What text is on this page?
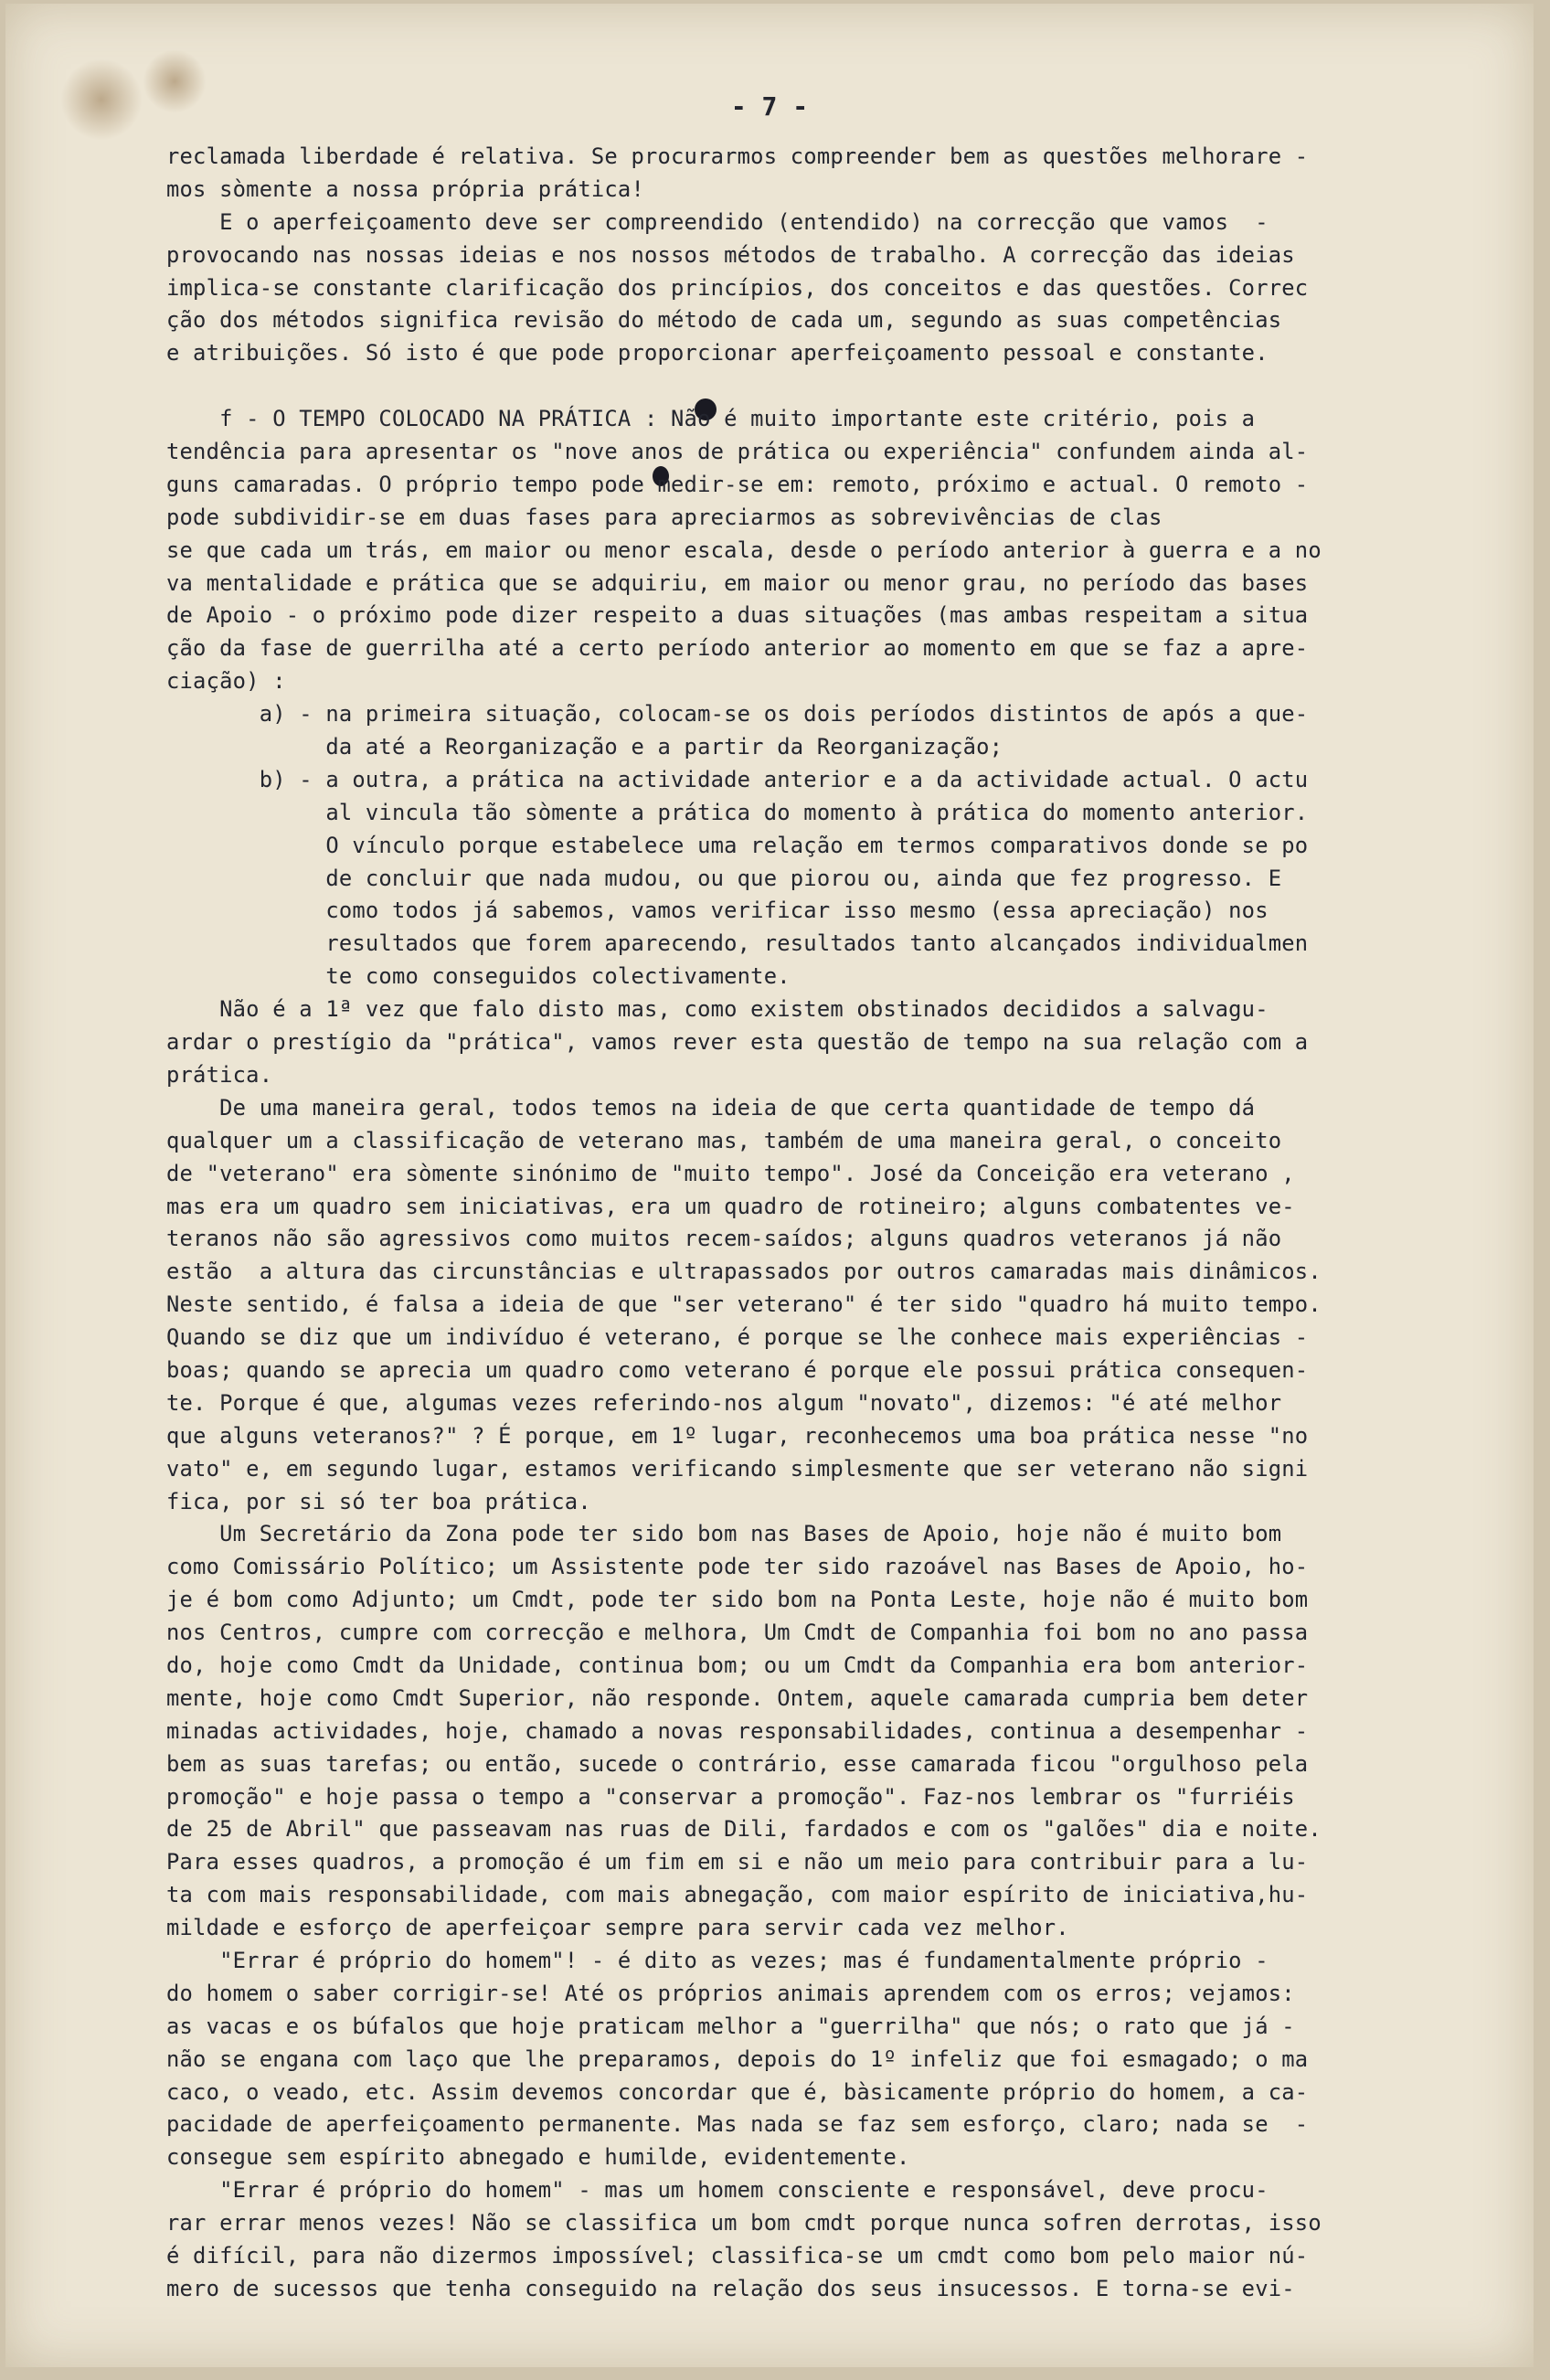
- 7 -
reclamada liberdade é relativa. Se procurarmos compreender bem as questões melhorare -
mos sòmente a nossa própria prática!
E o aperfeiçoamento deve ser compreendido (entendido) na correcção que vamos  -
provocando nas nossas ideias e nos nossos métodos de trabalho. A correcção das ideias
implica-se constante clarificação dos princípios, dos conceitos e das questões. Correc
ção dos métodos significa revisão do método de cada um, segundo as suas competências
e atribuições. Só isto é que pode proporcionar aperfeiçoamento pessoal e constante.
f - O TEMPO COLOCADO NA PRÁTICA : Não é muito importante este critério, pois a
tendência para apresentar os "nove anos de prática ou experiência" confundem ainda al-
guns camaradas. O próprio tempo pode medir-se em: remoto, próximo e actual. O remoto -
pode subdividir-se em duas fases para apreciarmos as sobrevivências de clas
se que cada um trás, em maior ou menor escala, desde o período anterior à guerra e a no
va mentalidade e prática que se adquiriu, em maior ou menor grau, no período das bases
de Apoio - o próximo pode dizer respeito a duas situações (mas ambas respeitam a situa
ção da fase de guerrilha até a certo período anterior ao momento em que se faz a apre-
ciação) :
a) - na primeira situação, colocam-se os dois períodos distintos de após a que-
da até a Reorganização e a partir da Reorganização;
b) - a outra, a prática na actividade anterior e a da actividade actual. O actu
al vincula tão sòmente a prática do momento à prática do momento anterior.
O vínculo porque estabelece uma relação em termos comparativos donde se po
de concluir que nada mudou, ou que piorou ou, ainda que fez progresso. E
como todos já sabemos, vamos verificar isso mesmo (essa apreciação) nos
resultados que forem aparecendo, resultados tanto alcançados individualmen
te como conseguidos colectivamente.
Não é a 1ª vez que falo disto mas, como existem obstinados decididos a salvagu-
ardar o prestígio da "prática", vamos rever esta questão de tempo na sua relação com a
prática.
De uma maneira geral, todos temos na ideia de que certa quantidade de tempo dá
qualquer um a classificação de veterano mas, também de uma maneira geral, o conceito
de "veterano" era sòmente sinónimo de "muito tempo". José da Conceição era veterano ,
mas era um quadro sem iniciativas, era um quadro de rotineiro; alguns combatentes ve-
teranos não são agressivos como muitos recem-saídos; alguns quadros veteranos já não
estão  a altura das circunstâncias e ultrapassados por outros camaradas mais dinâmicos.
Neste sentido, é falsa a ideia de que "ser veterano" é ter sido "quadro há muito tempo.
Quando se diz que um indivíduo é veterano, é porque se lhe conhece mais experiências -
boas; quando se aprecia um quadro como veterano é porque ele possui prática consequen-
te. Porque é que, algumas vezes referindo-nos algum "novato", dizemos: "é até melhor
que alguns veteranos?" ? É porque, em 1º lugar, reconhecemos uma boa prática nesse "no
vato" e, em segundo lugar, estamos verificando simplesmente que ser veterano não signi
fica, por si só ter boa prática.
Um Secretário da Zona pode ter sido bom nas Bases de Apoio, hoje não é muito bom
como Comissário Político; um Assistente pode ter sido razoável nas Bases de Apoio, ho-
je é bom como Adjunto; um Cmdt, pode ter sido bom na Ponta Leste, hoje não é muito bom
nos Centros, cumpre com correcção e melhora, Um Cmdt de Companhia foi bom no ano passa
do, hoje como Cmdt da Unidade, continua bom; ou um Cmdt da Companhia era bom anterior-
mente, hoje como Cmdt Superior, não responde. Ontem, aquele camarada cumpria bem deter
minadas actividades, hoje, chamado a novas responsabilidades, continua a desempenhar -
bem as suas tarefas; ou então, sucede o contrário, esse camarada ficou "orgulhoso pela
promoção" e hoje passa o tempo a "conservar a promoção". Faz-nos lembrar os "furriéis
de 25 de Abril" que passeavam nas ruas de Dili, fardados e com os "galões" dia e noite.
Para esses quadros, a promoção é um fim em si e não um meio para contribuir para a lu-
ta com mais responsabilidade, com mais abnegação, com maior espírito de iniciativa,hu-
mildade e esforço de aperfeiçoar sempre para servir cada vez melhor.
"Errar é próprio do homem"! - é dito as vezes; mas é fundamentalmente próprio -
do homem o saber corrigir-se! Até os próprios animais aprendem com os erros; vejamos:
as vacas e os búfalos que hoje praticam melhor a "guerrilha" que nós; o rato que já -
não se engana com laço que lhe preparamos, depois do 1º infeliz que foi esmagado; o ma
caco, o veado, etc. Assim devemos concordar que é, bàsicamente próprio do homem, a ca-
pacidade de aperfeiçoamento permanente. Mas nada se faz sem esforço, claro; nada se  -
consegue sem espírito abnegado e humilde, evidentemente.
"Errar é próprio do homem" - mas um homem consciente e responsável, deve procu-
rar errar menos vezes! Não se classifica um bom cmdt porque nunca sofren derrotas, isso
é difícil, para não dizermos impossível; classifica-se um cmdt como bom pelo maior nú-
mero de sucessos que tenha conseguido na relação dos seus insucessos. E torna-se evi-
